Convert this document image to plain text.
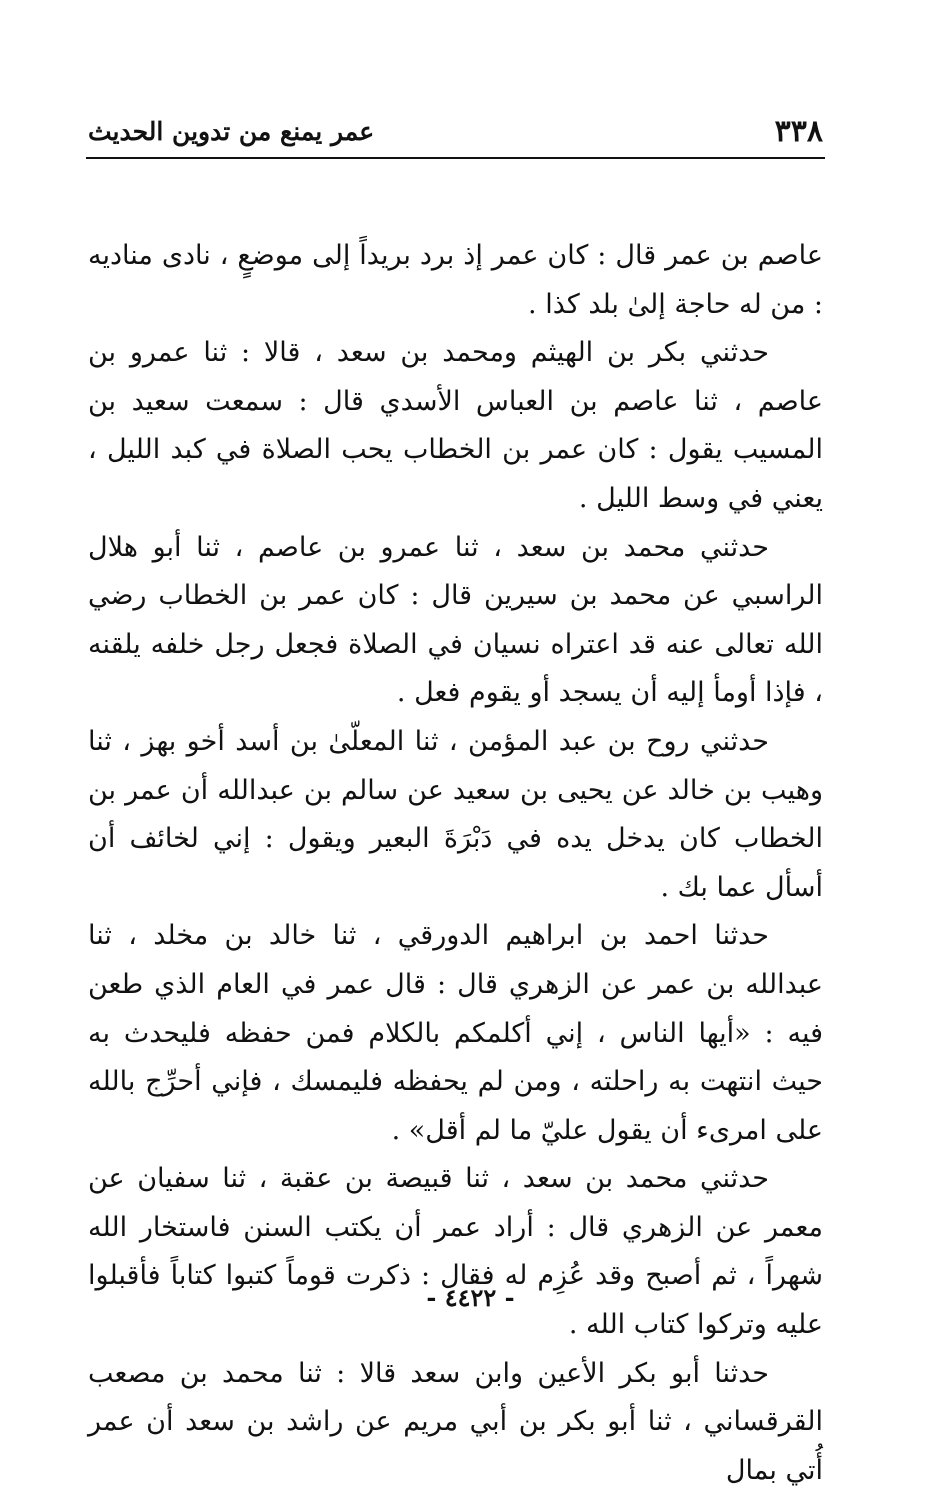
٣٣٨
عمر يمنع من تدوين الحديث

عاصم بن عمر قال : كان عمر إذ برد بريداً إلى موضعٍ ، نادى مناديه : من له حاجة إلىٰ بلد كذا .

حدثني بكر بن الهيثم ومحمد بن سعد ، قالا : ثنا عمرو بن عاصم ، ثنا عاصم بن العباس الأسدي قال : سمعت سعيد بن المسيب يقول : كان عمر بن الخطاب يحب الصلاة في كبد الليل ، يعني في وسط الليل .

حدثني محمد بن سعد ، ثنا عمرو بن عاصم ، ثنا أبو هلال الراسبي عن محمد بن سيرين قال : كان عمر بن الخطاب رضي الله تعالى عنه قد اعتراه نسيان في الصلاة فجعل رجل خلفه يلقنه ، فإذا أومأ إليه أن يسجد أو يقوم فعل .

حدثني روح بن عبد المؤمن ، ثنا المعلّىٰ بن أسد أخو بهز ، ثنا وهيب بن خالد عن يحيى بن سعيد عن سالم بن عبدالله أن عمر بن الخطاب كان يدخل يده في دَبْرَةَ البعير ويقول : إني لخائف أن أسأل عما بك .

حدثنا احمد بن ابراهيم الدورقي ، ثنا خالد بن مخلد ، ثنا عبدالله بن عمر عن الزهري قال : قال عمر في العام الذي طعن فيه : «أيها الناس ، إني أكلمكم بالكلام فمن حفظه فليحدث به حيث انتهت به راحلته ، ومن لم يحفظه فليمسك ، فإني أحرِّج بالله على امرىء أن يقول عليّ ما لم أقل» .

حدثني محمد بن سعد ، ثنا قبيصة بن عقبة ، ثنا سفيان عن معمر عن الزهري قال : أراد عمر أن يكتب السنن فاستخار الله شهراً ، ثم أصبح وقد عُزِم له فقال : ذكرت قوماً كتبوا كتاباً فأقبلوا عليه وتركوا كتاب الله .

حدثنا أبو بكر الأعين وابن سعد قالا : ثنا محمد بن مصعب القرقساني ، ثنا أبو بكر بن أبي مريم عن راشد بن سعد أن عمر أُتي بمال

- ٤٤٢٢ -
